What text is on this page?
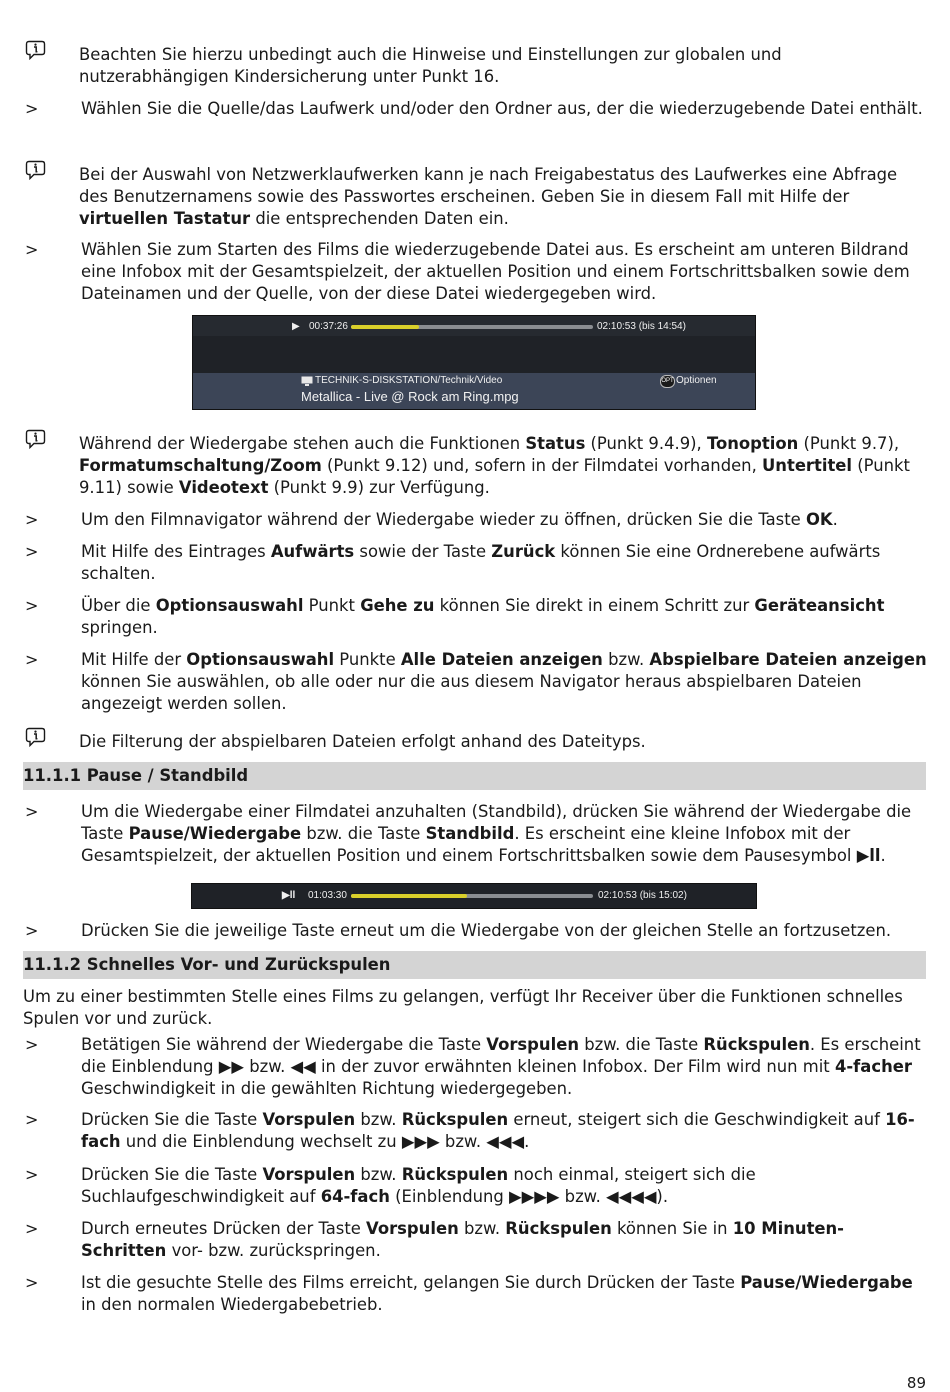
Beachten Sie hierzu unbedingt auch die Hinweise und Einstellungen zur globalen und nutzerabhängigen Kindersicherung unter Punkt 16.
>	Wählen Sie die Quelle/das Laufwerk und/oder den Ordner aus, der die wiederzugebende Datei enthält.
Bei der Auswahl von Netzwerklaufwerken kann je nach Freigabestatus des Laufwerkes eine Abfrage des Benutzernamens sowie des Passwortes erscheinen. Geben Sie in diesem Fall mit Hilfe der virtuellen Tastatur die entsprechenden Daten ein.
>	Wählen Sie zum Starten des Films die wiederzugebende Datei aus. Es erscheint am unteren Bildrand eine Infobox mit der Gesamtspielzeit, der aktuellen Position und einem Fortschrittsbalken sowie dem Dateinamen und der Quelle, von der diese Datei wiedergegeben wird.
▶ 00:37:26	02:10:53 (bis 14:54)
TECHNIK-S-DISKSTATION/Technik/Video	OPT Optionen
Metallica - Live @ Rock am Ring.mpg
Während der Wiedergabe stehen auch die Funktionen Status (Punkt 9.4.9), Tonoption (Punkt 9.7), Formatumschaltung/Zoom (Punkt 9.12) und, sofern in der Filmdatei vorhanden, Untertitel (Punkt 9.11) sowie Videotext (Punkt 9.9) zur Verfügung.
>	Um den Filmnavigator während der Wiedergabe wieder zu öffnen, drücken Sie die Taste OK.
>	Mit Hilfe des Eintrages Aufwärts sowie der Taste Zurück können Sie eine Ordnerebene aufwärts schalten.
>	Über die Optionsauswahl Punkt Gehe zu können Sie direkt in einem Schritt zur Geräteansicht springen.
>	Mit Hilfe der Optionsauswahl Punkte Alle Dateien anzeigen bzw. Abspielbare Dateien anzeigen können Sie auswählen, ob alle oder nur die aus diesem Navigator heraus abspielbaren Dateien angezeigt werden sollen.
Die Filterung der abspielbaren Dateien erfolgt anhand des Dateityps.
11.1.1 Pause / Standbild
>	Um die Wiedergabe einer Filmdatei anzuhalten (Standbild), drücken Sie während der Wiedergabe die Taste Pause/Wiedergabe bzw. die Taste Standbild. Es erscheint eine kleine Infobox mit der Gesamtspielzeit, der aktuellen Position und einem Fortschrittsbalken sowie dem Pausesymbol ▶ll.
▶ll 01:03:30	02:10:53 (bis 15:02)
>	Drücken Sie die jeweilige Taste erneut um die Wiedergabe von der gleichen Stelle an fortzusetzen.
11.1.2 Schnelles Vor- und Zurückspulen
Um zu einer bestimmten Stelle eines Films zu gelangen, verfügt Ihr Receiver über die Funktionen schnelles Spulen vor und zurück.
>	Betätigen Sie während der Wiedergabe die Taste Vorspulen bzw. die Taste Rückspulen. Es erscheint die Einblendung ▶▶ bzw. ◀◀ in der zuvor erwähnten kleinen Infobox. Der Film wird nun mit 4-facher Geschwindigkeit in die gewählten Richtung wiedergegeben.
>	Drücken Sie die Taste Vorspulen bzw. Rückspulen erneut, steigert sich die Geschwindigkeit auf 16-fach und die Einblendung wechselt zu ▶▶▶ bzw. ◀◀◀.
>	Drücken Sie die Taste Vorspulen bzw. Rückspulen noch einmal, steigert sich die Suchlaufgeschwindigkeit auf 64-fach (Einblendung ▶▶▶▶ bzw. ◀◀◀◀).
>	Durch erneutes Drücken der Taste Vorspulen bzw. Rückspulen können Sie in 10 Minuten-Schritten vor- bzw. zurückspringen.
>	Ist die gesuchte Stelle des Films erreicht, gelangen Sie durch Drücken der Taste Pause/Wiedergabe in den normalen Wiedergabebetrieb.
89
